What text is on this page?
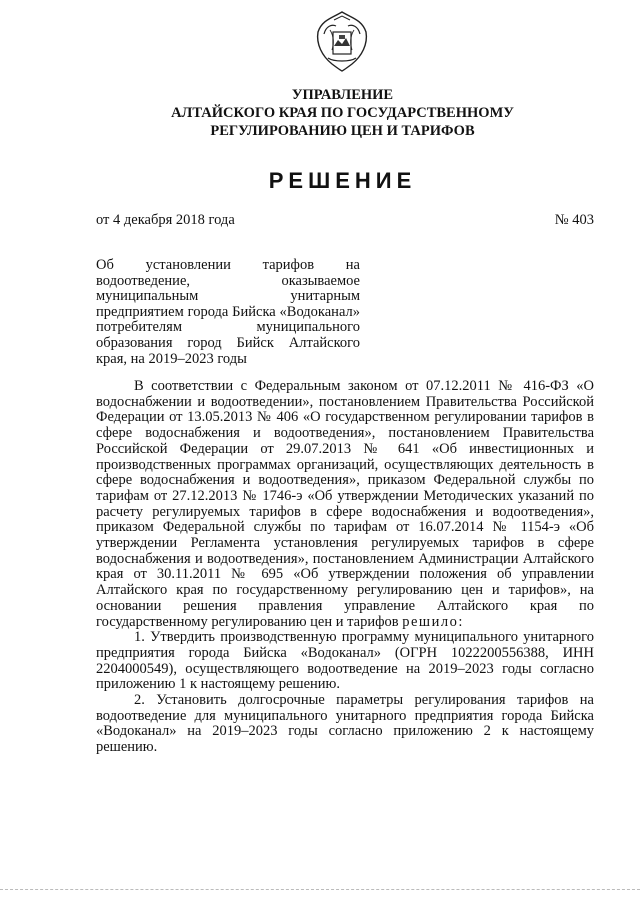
УПРАВЛЕНИЕ
АЛТАЙСКОГО КРАЯ ПО ГОСУДАРСТВЕННОМУ
РЕГУЛИРОВАНИЮ ЦЕН И ТАРИФОВ
РЕШЕНИЕ
от 4 декабря 2018 года	№ 403
Об установлении тарифов на водоотведение, оказываемое муниципальным унитарным предприятием города Бийска «Водоканал» потребителям муниципального образования город Бийск Алтайского края, на 2019–2023 годы

В соответствии с Федеральным законом от 07.12.2011 № 416-ФЗ «О водоснабжении и водоотведении», постановлением Правительства Российской Федерации от 13.05.2013 № 406 «О государственном регулировании тарифов в сфере водоснабжения и водоотведения», постановлением Правительства Российской Федерации от 29.07.2013 № 641 «Об инвестиционных и производственных программах организаций, осуществляющих деятельность в сфере водоснабжения и водоотведения», приказом Федеральной службы по тарифам от 27.12.2013 № 1746-э «Об утверждении Методических указаний по расчету регулируемых тарифов в сфере водоснабжения и водоотведения», приказом Федеральной службы по тарифам от 16.07.2014 № 1154-э «Об утверждении Регламента установления регулируемых тарифов в сфере водоснабжения и водоотведения», постановлением Администрации Алтайского края от 30.11.2011 № 695 «Об утверждении положения об управлении Алтайского края по государственному регулированию цен и тарифов», на основании решения правления управление Алтайского края по государственному регулированию цен и тарифов решило:

1. Утвердить производственную программу муниципального унитарного предприятия города Бийска «Водоканал» (ОГРН 1022200556388, ИНН 2204000549), осуществляющего водоотведение на 2019–2023 годы согласно приложению 1 к настоящему решению.

2. Установить долгосрочные параметры регулирования тарифов на водоотведение для муниципального унитарного предприятия города Бийска «Водоканал» на 2019–2023 годы согласно приложению 2 к настоящему решению.
